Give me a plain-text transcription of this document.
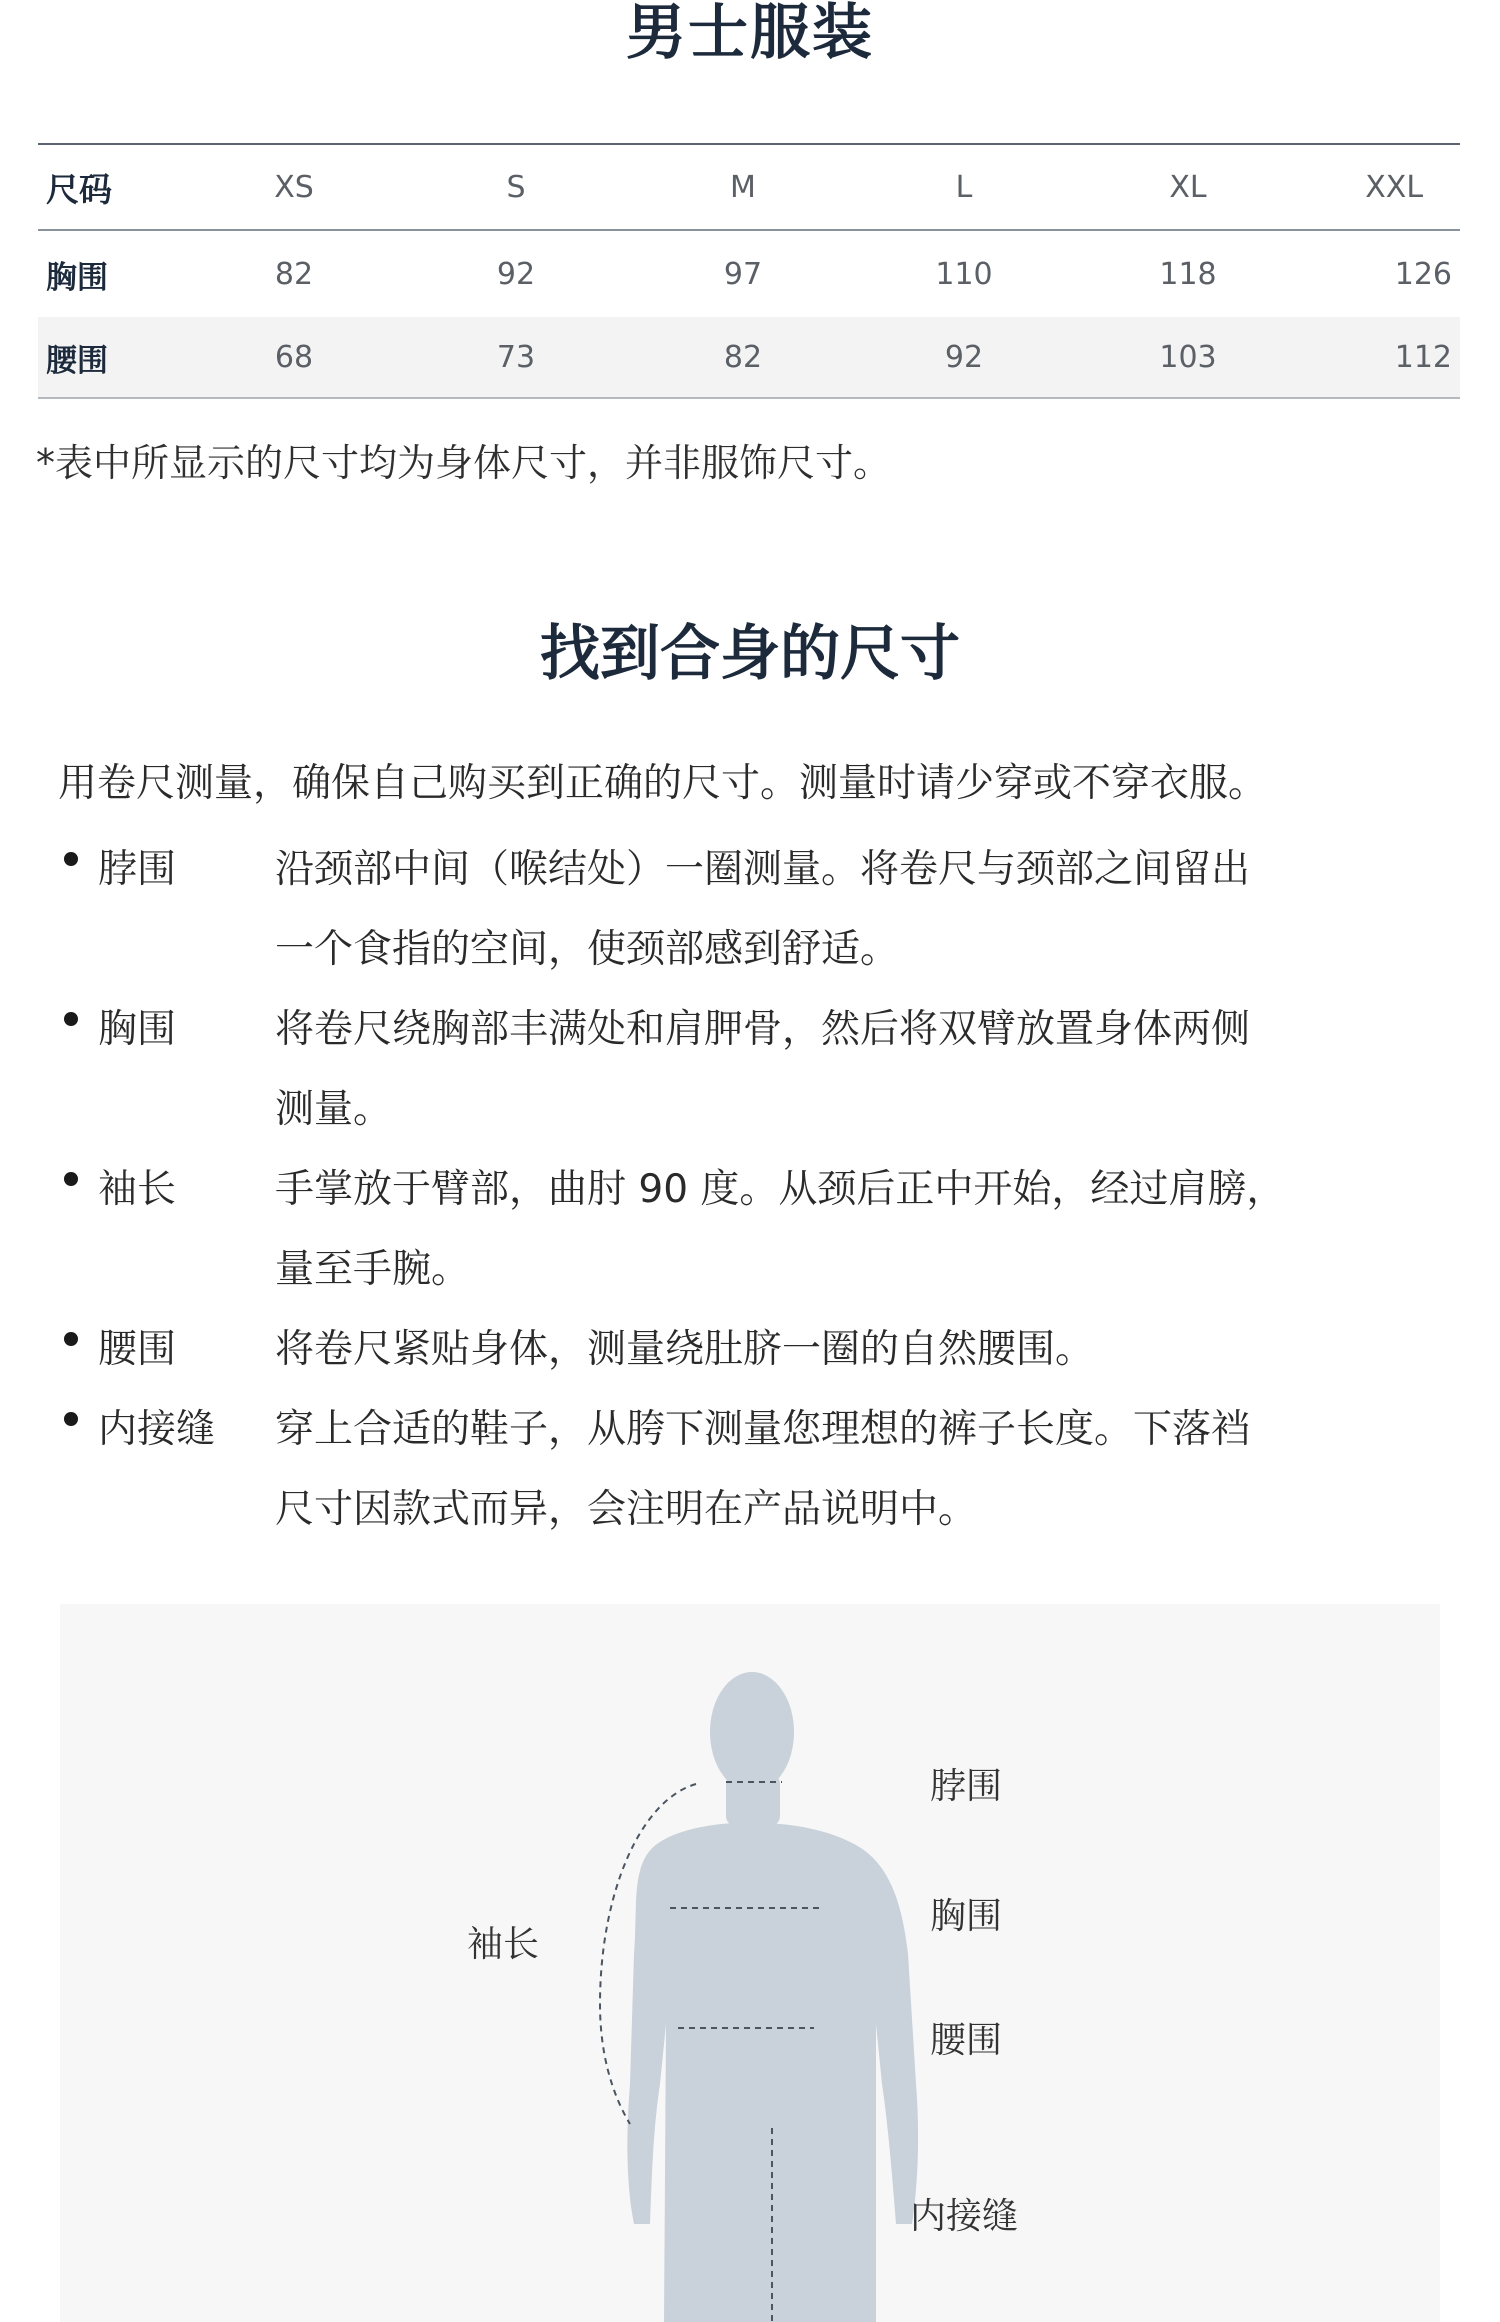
男士服装
尺码	XS	S	M	L	XL	XXL
胸围	82	92	97	110	118	126
腰围	68	73	82	92	103	112
*表中所显示的尺寸均为身体尺寸，并非服饰尺寸。
找到合身的尺寸
用卷尺测量，确保自己购买到正确的尺寸。测量时请少穿或不穿衣服。
脖围	沿颈部中间（喉结处）一圈测量。将卷尺与颈部之间留出
一个食指的空间，使颈部感到舒适。
胸围	将卷尺绕胸部丰满处和肩胛骨，然后将双臂放置身体两侧
测量。
袖长	手掌放于臂部，曲肘 90 度。从颈后正中开始，经过肩膀，
量至手腕。
腰围	将卷尺紧贴身体，测量绕肚脐一圈的自然腰围。
内接缝 穿上合适的鞋子，从胯下测量您理想的裤子长度。下落裆
尺寸因款式而异，会注明在产品说明中。
脖围
胸围
腰围
内接缝
袖长
